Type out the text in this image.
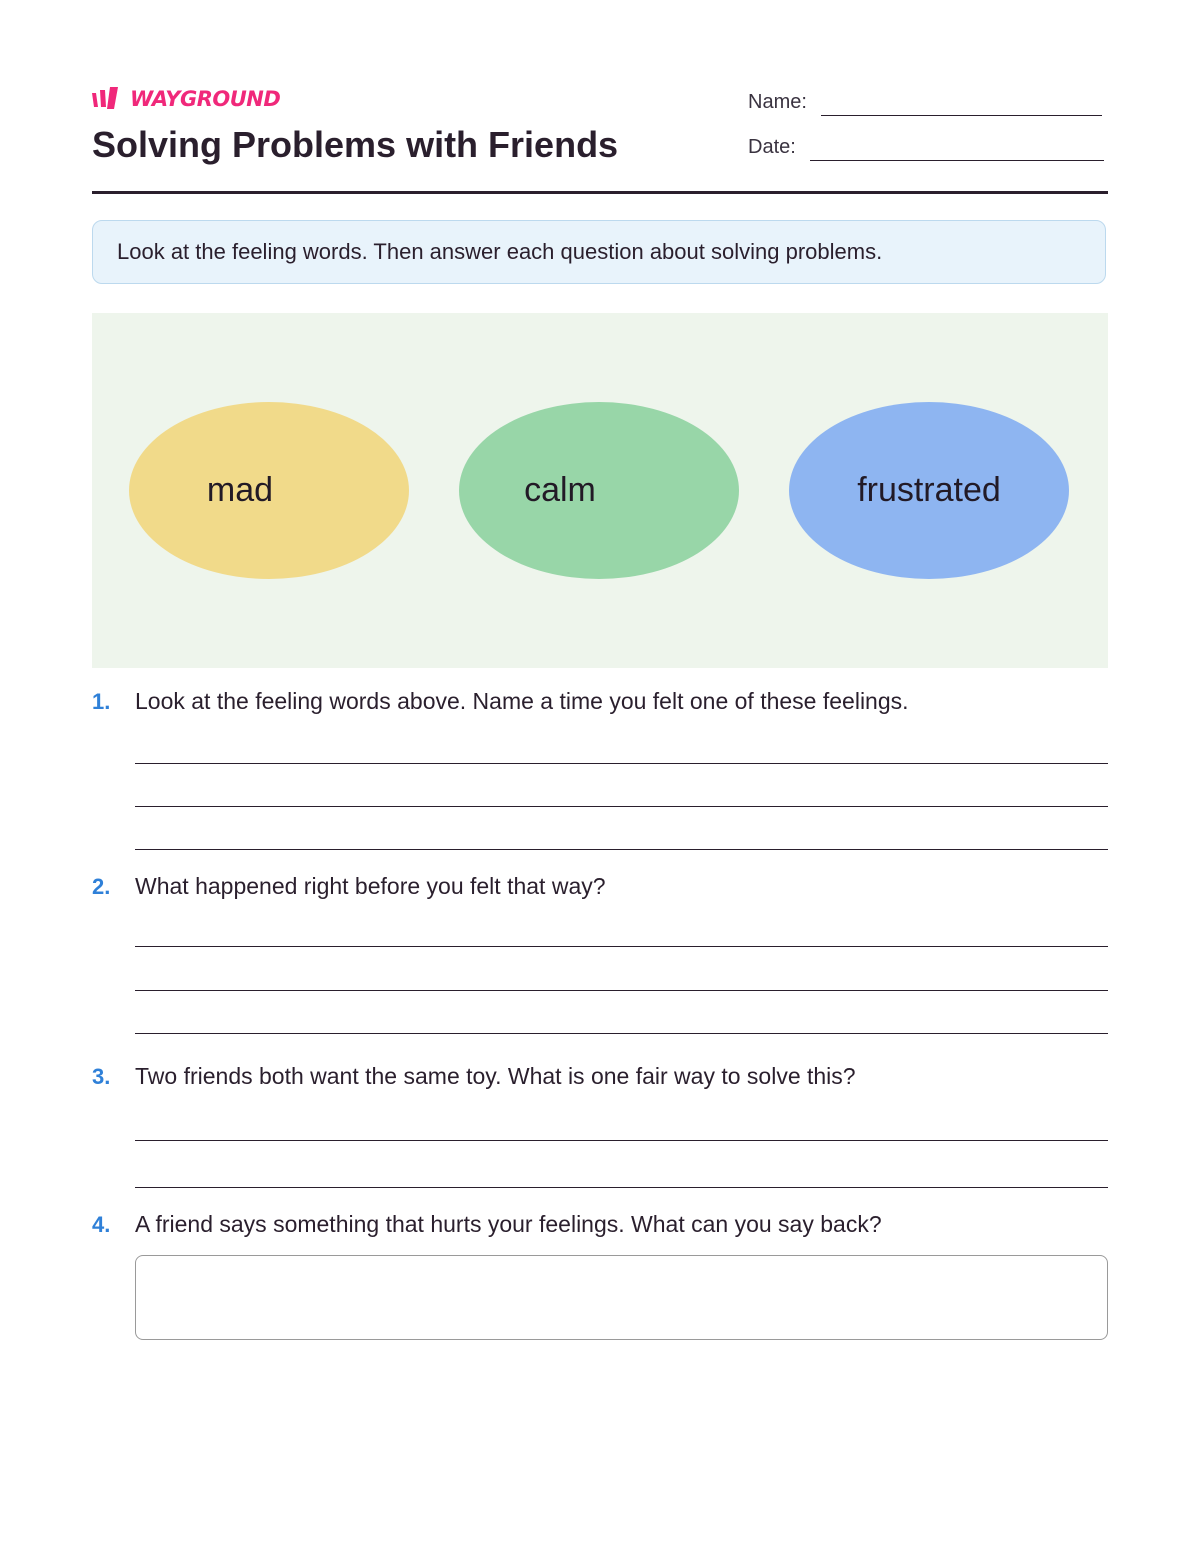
WAYGROUND
Solving Problems with Friends
Name:
Date:
Look at the feeling words. Then answer each question about solving problems.
mad	calm	frustrated
1.	Look at the feeling words above. Name a time you felt one of these feelings.
2.	What happened right before you felt that way?
3.	Two friends both want the same toy. What is one fair way to solve this?
4.	A friend says something that hurts your feelings. What can you say back?
